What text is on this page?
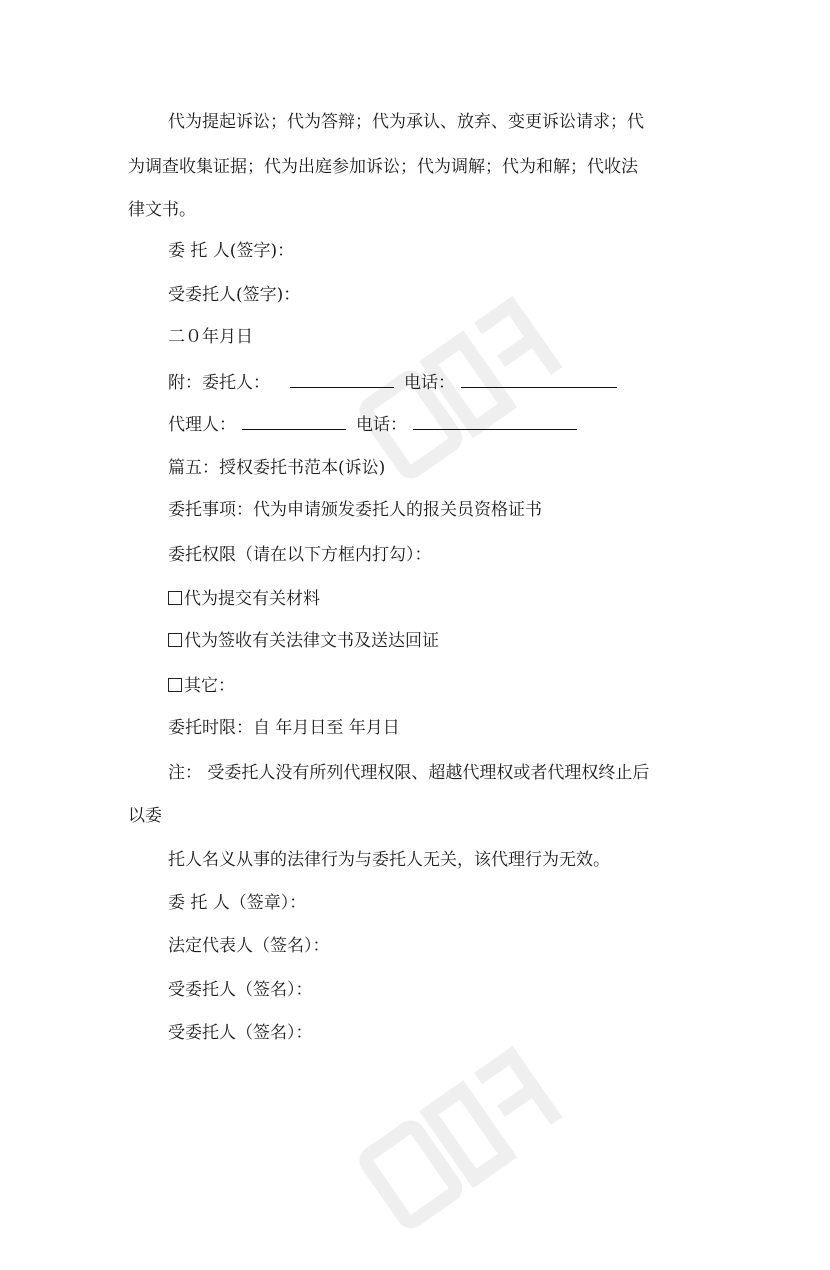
代为提起诉讼；代为答辩；代为承认、放弃、变更诉讼请求；代
为调查收集证据；代为出庭参加诉讼；代为调解；代为和解；代收法
律文书。
委 托 人(签字)：
受委托人(签字)：
二０年月日
附：委托人：	电话：
代理人：	电话：
篇五：授权委托书范本(诉讼)
委托事项：代为申请颁发委托人的报关员资格证书
委托权限（请在以下方框内打勾）：
代为提交有关材料
代为签收有关法律文书及送达回证
其它：
委托时限：自 年月日至 年月日
注： 受委托人没有所列代理权限、超越代理权或者代理权终止后
以委
托人名义从事的法律行为与委托人无关，该代理行为无效。
委 托 人（签章）：
法定代表人（签名）：
受委托人（签名）：
受委托人（签名）：
